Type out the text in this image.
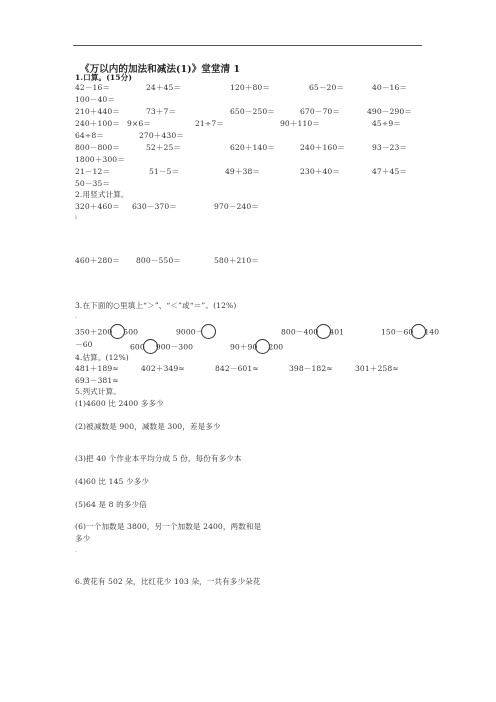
《万以内的加法和减法(1)》堂堂清 1
1.口算。(15分)
42－16＝	24＋45＝	120＋80＝	65－20＝	40－16＝
100－40＝
210＋440＝	73＋7＝	650－250＝	670－70＝	490－290＝
240＋100＝ 9×6＝	21÷7＝	90＋110＝	45÷9＝
64÷8＝	270＋430＝
800－800＝	52＋25＝	620＋140＝	240＋160＝	93－23＝
1800＋300＝
21－12＝	51－5＝	49＋38＝	230＋40＝	47＋45＝
50－35＝
2.用竖式计算。
320＋460＝ 630－370＝	970－240＝
ı
460＋280＝ 800－550＝	580＋210＝
3.在下面的○里填上“＞”、“＜”或“＝”。(12%)
,
350＋200 500	9000－	800－400 401	150－60 140
－60	600 900－300	90＋90 200
4.估算。(12%)
481＋189≈	402＋349≈	842－601≈	398－182≈	301＋258≈
693－381≈
5.列式计算。
(1)4600 比 2400 多多少
(2)被减数是 900，减数是 300，差是多少
(3)把 40 个作业本平均分成 5 份，每份有多少本
(4)60 比 145 少多少
(5)64 是 8 的多少倍
(6)一个加数是 3800，另一个加数是 2400，两数和是
多少
.
6.黄花有 502 朵，比红花少 103 朵，一共有多少朵花
